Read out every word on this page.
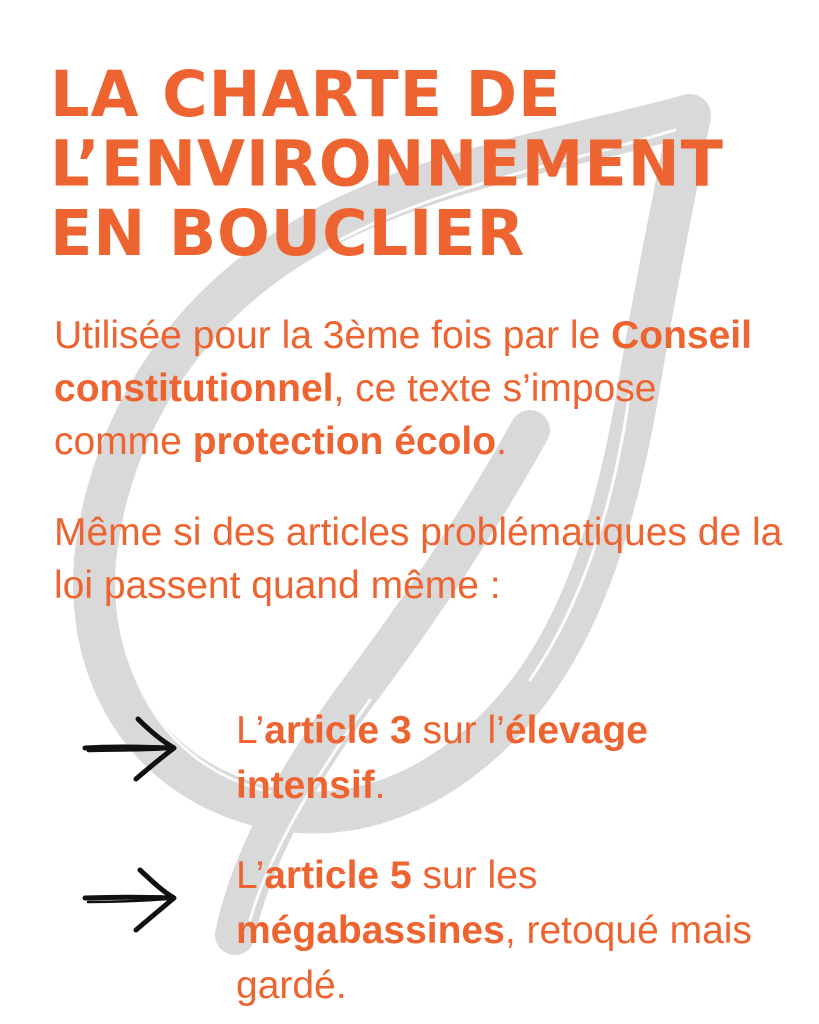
LA CHARTE DE
L’ENVIRONNEMENT
EN BOUCLIER

Utilisée pour la 3ème fois par le Conseil constitutionnel, ce texte s’impose comme protection écolo.

Même si des articles problématiques de la loi passent quand même :

L’article 3 sur l’élevage intensif.

L’article 5 sur les mégabassines, retoqué mais gardé.
